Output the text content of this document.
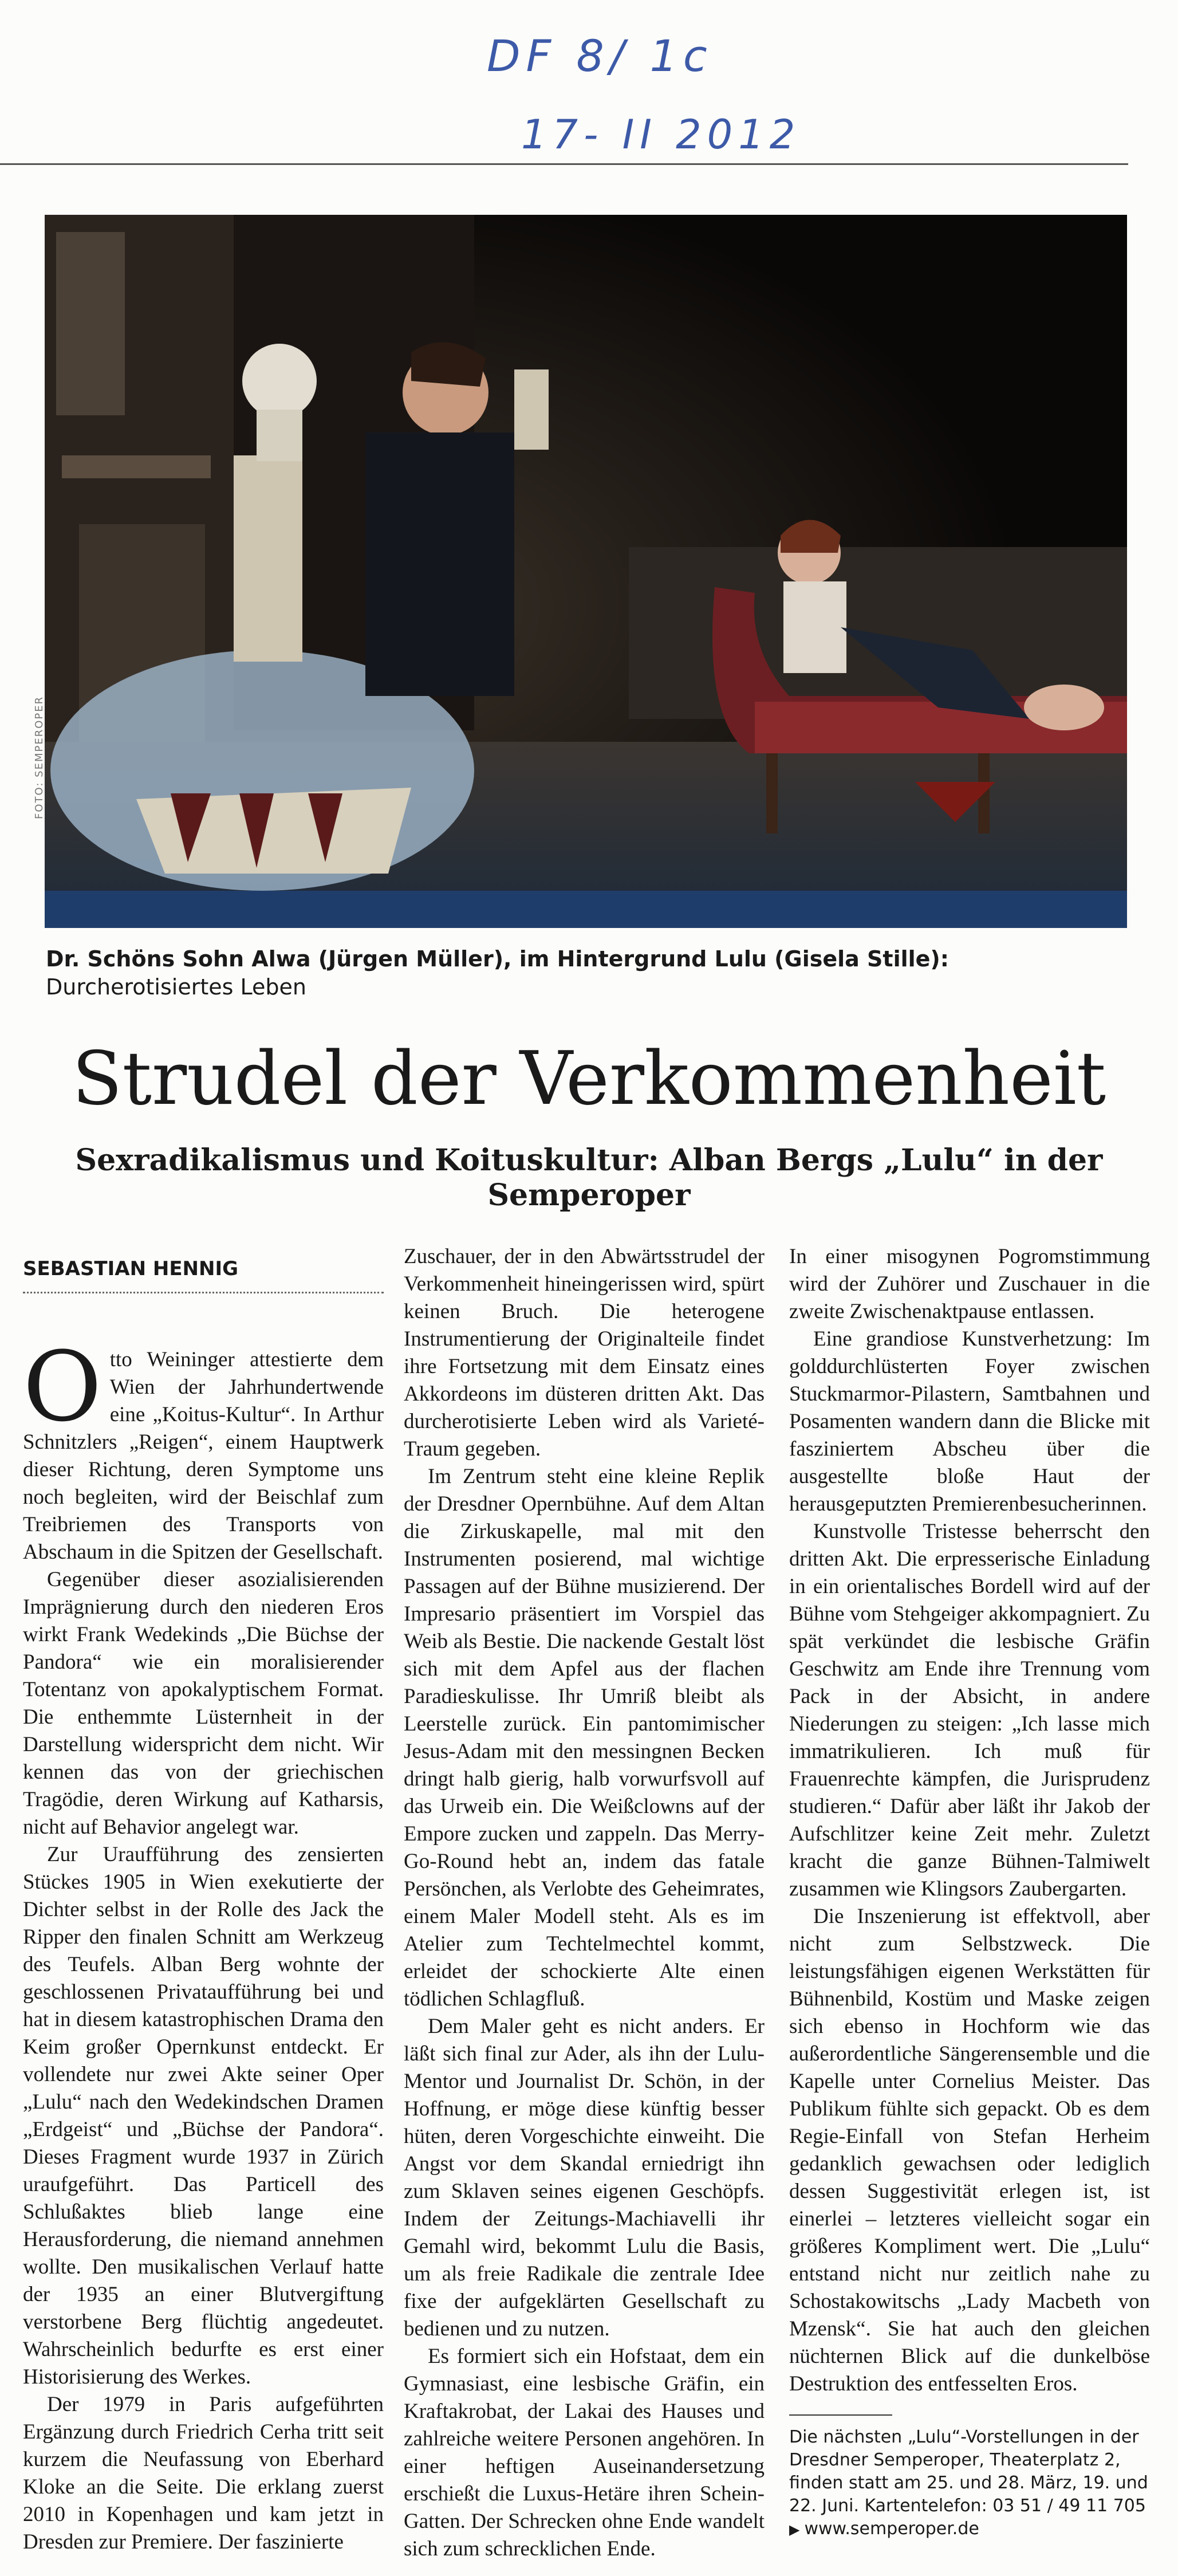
DF 8/ 1c
17- II 2012
FOTO: SEMPEROPER
Dr. Schöns Sohn Alwa (Jürgen Müller), im Hintergrund Lulu (Gisela Stille): Durcherotisiertes Leben
Strudel der Verkommenheit
Sexradikalismus und Koituskultur: Alban Bergs „Lulu“ in der Semperoper
SEBASTIAN HENNIG

Otto Weininger attestierte dem Wien der Jahrhundertwende eine „Koitus-Kultur“. In Arthur Schnitzlers „Reigen“, einem Hauptwerk dieser Richtung, deren Symptome uns noch begleiten, wird der Beischlaf zum Treibriemen des Transports von Abschaum in die Spitzen der Gesellschaft.

Gegenüber dieser asozialisierenden Imprägnierung durch den niederen Eros wirkt Frank Wedekinds „Die Büchse der Pandora“ wie ein moralisierender Totentanz von apokalyptischem Format. Die enthemmte Lüsternheit in der Darstellung widerspricht dem nicht. Wir kennen das von der griechischen Tragödie, deren Wirkung auf Katharsis, nicht auf Behavior angelegt war.

Zur Uraufführung des zensierten Stückes 1905 in Wien exekutierte der Dichter selbst in der Rolle des Jack the Ripper den finalen Schnitt am Werkzeug des Teufels. Alban Berg wohnte der geschlossenen Privataufführung bei und hat in diesem katastrophischen Drama den Keim großer Opernkunst entdeckt. Er vollendete nur zwei Akte seiner Oper „Lulu“ nach den Wedekindschen Dramen „Erdgeist“ und „Büchse der Pandora“. Dieses Fragment wurde 1937 in Zürich uraufgeführt. Das Particell des Schlußaktes blieb lange eine Herausforderung, die niemand annehmen wollte. Den musikalischen Verlauf hatte der 1935 an einer Blutvergiftung verstorbene Berg flüchtig angedeutet. Wahrscheinlich bedurfte es erst einer Historisierung des Werkes.

Der 1979 in Paris aufgeführten Ergänzung durch Friedrich Cerha tritt seit kurzem die Neufassung von Eberhard Kloke an die Seite. Die erklang zuerst 2010 in Kopenhagen und kam jetzt in Dresden zur Premiere. Der faszinierte

Zuschauer, der in den Abwärtsstrudel der Verkommenheit hineingerissen wird, spürt keinen Bruch. Die heterogene Instrumentierung der Originalteile findet ihre Fortsetzung mit dem Einsatz eines Akkordeons im düsteren dritten Akt. Das durcherotisierte Leben wird als Varieté-Traum gegeben.

Im Zentrum steht eine kleine Replik der Dresdner Opernbühne. Auf dem Altan die Zirkuskapelle, mal mit den Instrumenten posierend, mal wichtige Passagen auf der Bühne musizierend. Der Impresario präsentiert im Vorspiel das Weib als Bestie. Die nackende Gestalt löst sich mit dem Apfel aus der flachen Paradieskulisse. Ihr Umriß bleibt als Leerstelle zurück. Ein pantomimischer Jesus-Adam mit den messingnen Becken dringt halb gierig, halb vorwurfsvoll auf das Urweib ein. Die Weißclowns auf der Empore zucken und zappeln. Das Merry-Go-Round hebt an, indem das fatale Persönchen, als Verlobte des Geheimrates, einem Maler Modell steht. Als es im Atelier zum Techtelmechtel kommt, erleidet der schockierte Alte einen tödlichen Schlagfluß.

Dem Maler geht es nicht anders. Er läßt sich final zur Ader, als ihn der Lulu-Mentor und Journalist Dr. Schön, in der Hoffnung, er möge diese künftig besser hüten, deren Vorgeschichte einweiht. Die Angst vor dem Skandal erniedrigt ihn zum Sklaven seines eigenen Geschöpfs. Indem der Zeitungs-Machiavelli ihr Gemahl wird, bekommt Lulu die Basis, um als freie Radikale die zentrale Idee fixe der aufgeklärten Gesellschaft zu bedienen und zu nutzen.

Es formiert sich ein Hofstaat, dem ein Gymnasiast, eine lesbische Gräfin, ein Kraftakrobat, der Lakai des Hauses und zahlreiche weitere Personen angehören. In einer heftigen Auseinandersetzung erschießt die Luxus-Hetäre ihren Schein-Gatten. Der Schrecken ohne Ende wandelt sich zum schrecklichen Ende.

In einer misogynen Pogromstimmung wird der Zuhörer und Zuschauer in die zweite Zwischenaktpause entlassen.

Eine grandiose Kunstverhetzung: Im golddurchlüsterten Foyer zwischen Stuckmarmor-Pilastern, Samtbahnen und Posamenten wandern dann die Blicke mit fasziniertem Abscheu über die ausgestellte bloße Haut der herausgeputzten Premierenbesucherinnen.

Kunstvolle Tristesse beherrscht den dritten Akt. Die erpresserische Einladung in ein orientalisches Bordell wird auf der Bühne vom Stehgeiger akkompagniert. Zu spät verkündet die lesbische Gräfin Geschwitz am Ende ihre Trennung vom Pack in der Absicht, in andere Niederungen zu steigen: „Ich lasse mich immatrikulieren. Ich muß für Frauenrechte kämpfen, die Jurisprudenz studieren.“ Dafür aber läßt ihr Jakob der Aufschlitzer keine Zeit mehr. Zuletzt kracht die ganze Bühnen-Talmiwelt zusammen wie Klingsors Zaubergarten.

Die Inszenierung ist effektvoll, aber nicht zum Selbstzweck. Die leistungsfähigen eigenen Werkstätten für Bühnenbild, Kostüm und Maske zeigen sich ebenso in Hochform wie das außerordentliche Sängerensemble und die Kapelle unter Cornelius Meister. Das Publikum fühlte sich gepackt. Ob es dem Regie-Einfall von Stefan Herheim gedanklich gewachsen oder lediglich dessen Suggestivität erlegen ist, ist einerlei – letzteres vielleicht sogar ein größeres Kompliment wert. Die „Lulu“ entstand nicht nur zeitlich nahe zu Schostakowitschs „Lady Macbeth von Mzensk“. Sie hat auch den gleichen nüchternen Blick auf die dunkelböse Destruktion des entfesselten Eros.

Die nächsten „Lulu“-Vorstellungen in der Dresdner Semperoper, Theaterplatz 2, finden statt am 25. und 28. März, 19. und 22. Juni. Kartentelefon: 03 51 / 49 11 705

▶ www.semperoper.de
